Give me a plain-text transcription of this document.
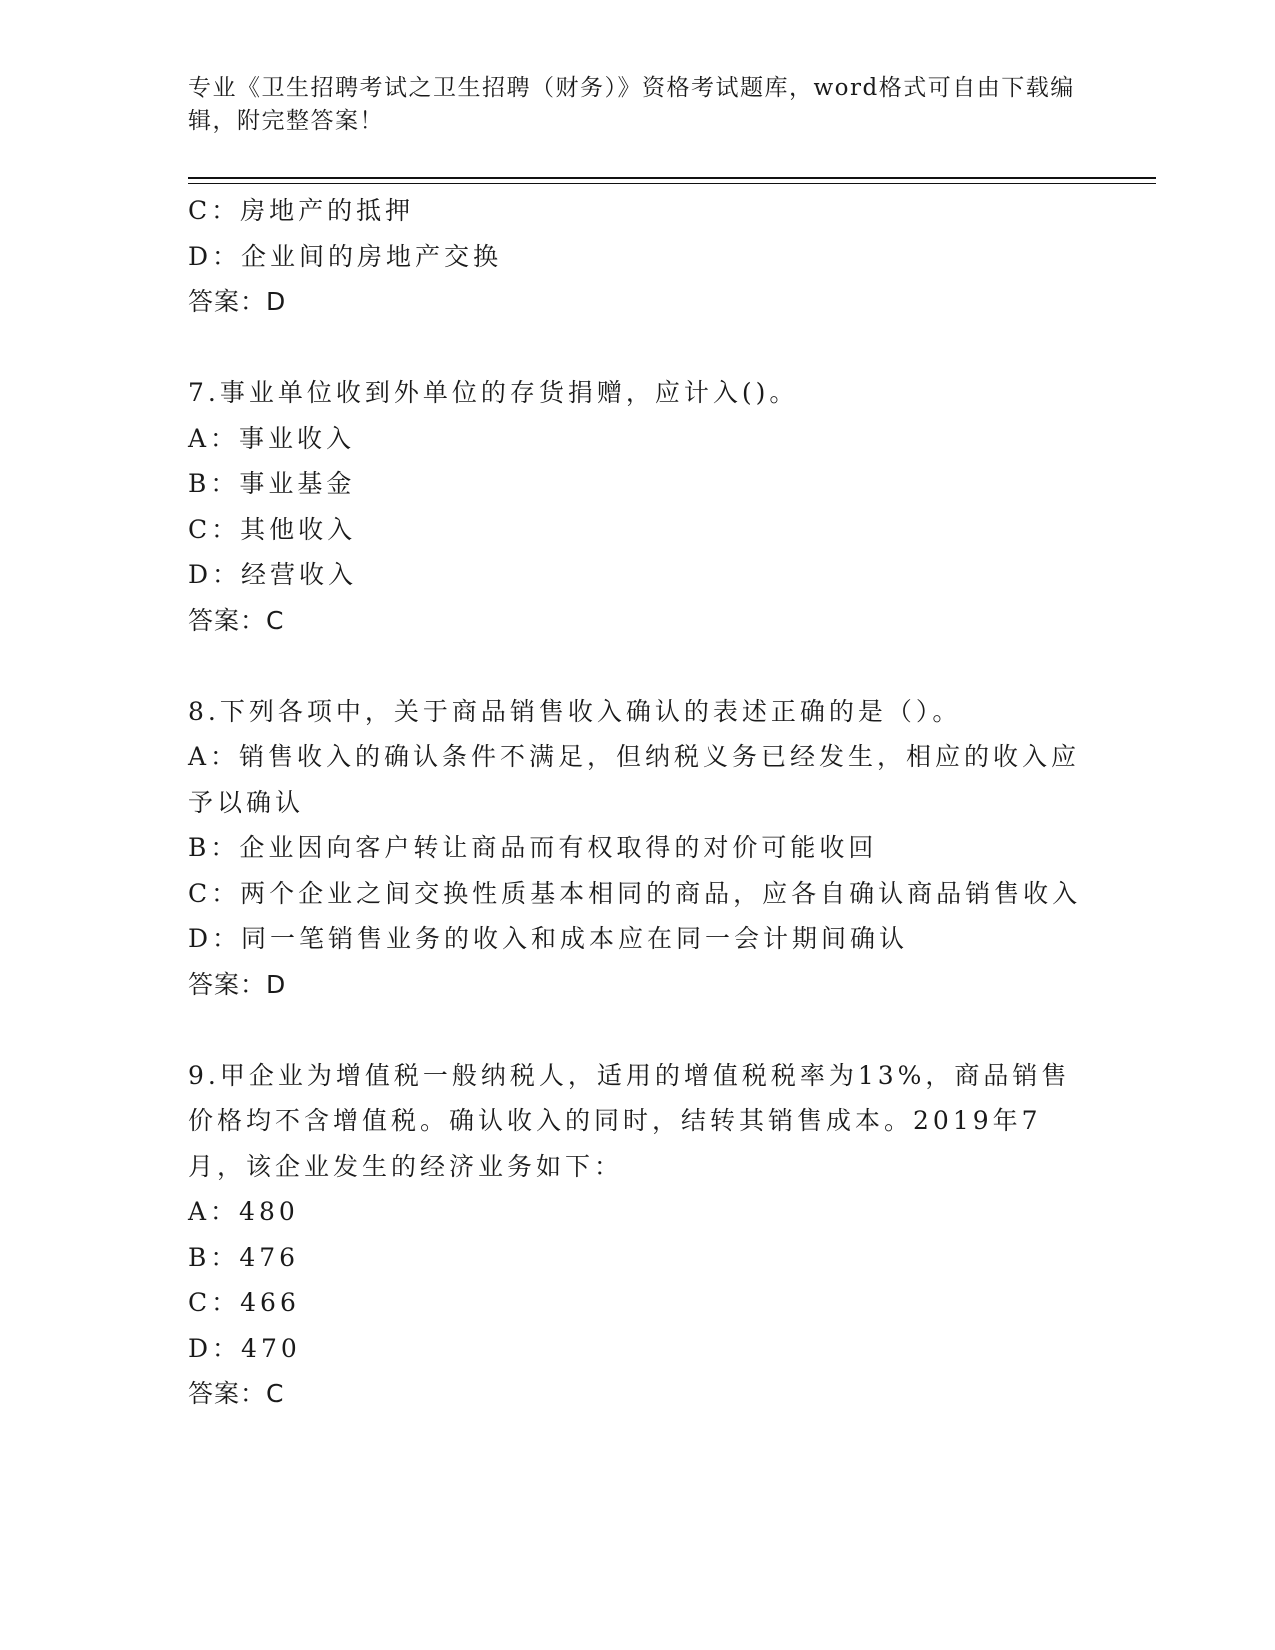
专业《卫生招聘考试之卫生招聘（财务）》资格考试题库，word格式可自由下载编辑，附完整答案！
C：房地产的抵押
D：企业间的房地产交换
答案：D
7.事业单位收到外单位的存货捐赠，应计入()。
A：事业收入
B：事业基金
C：其他收入
D：经营收入
答案：C
8.下列各项中，关于商品销售收入确认的表述正确的是（）。
A：销售收入的确认条件不满足，但纳税义务已经发生，相应的收入应予以确认
B：企业因向客户转让商品而有权取得的对价可能收回
C：两个企业之间交换性质基本相同的商品，应各自确认商品销售收入
D：同一笔销售业务的收入和成本应在同一会计期间确认
答案：D
9.甲企业为增值税一般纳税人，适用的增值税税率为13%，商品销售价格均不含增值税。确认收入的同时，结转其销售成本。2019年7月，该企业发生的经济业务如下：
A：480
B：476
C：466
D：470
答案：C
